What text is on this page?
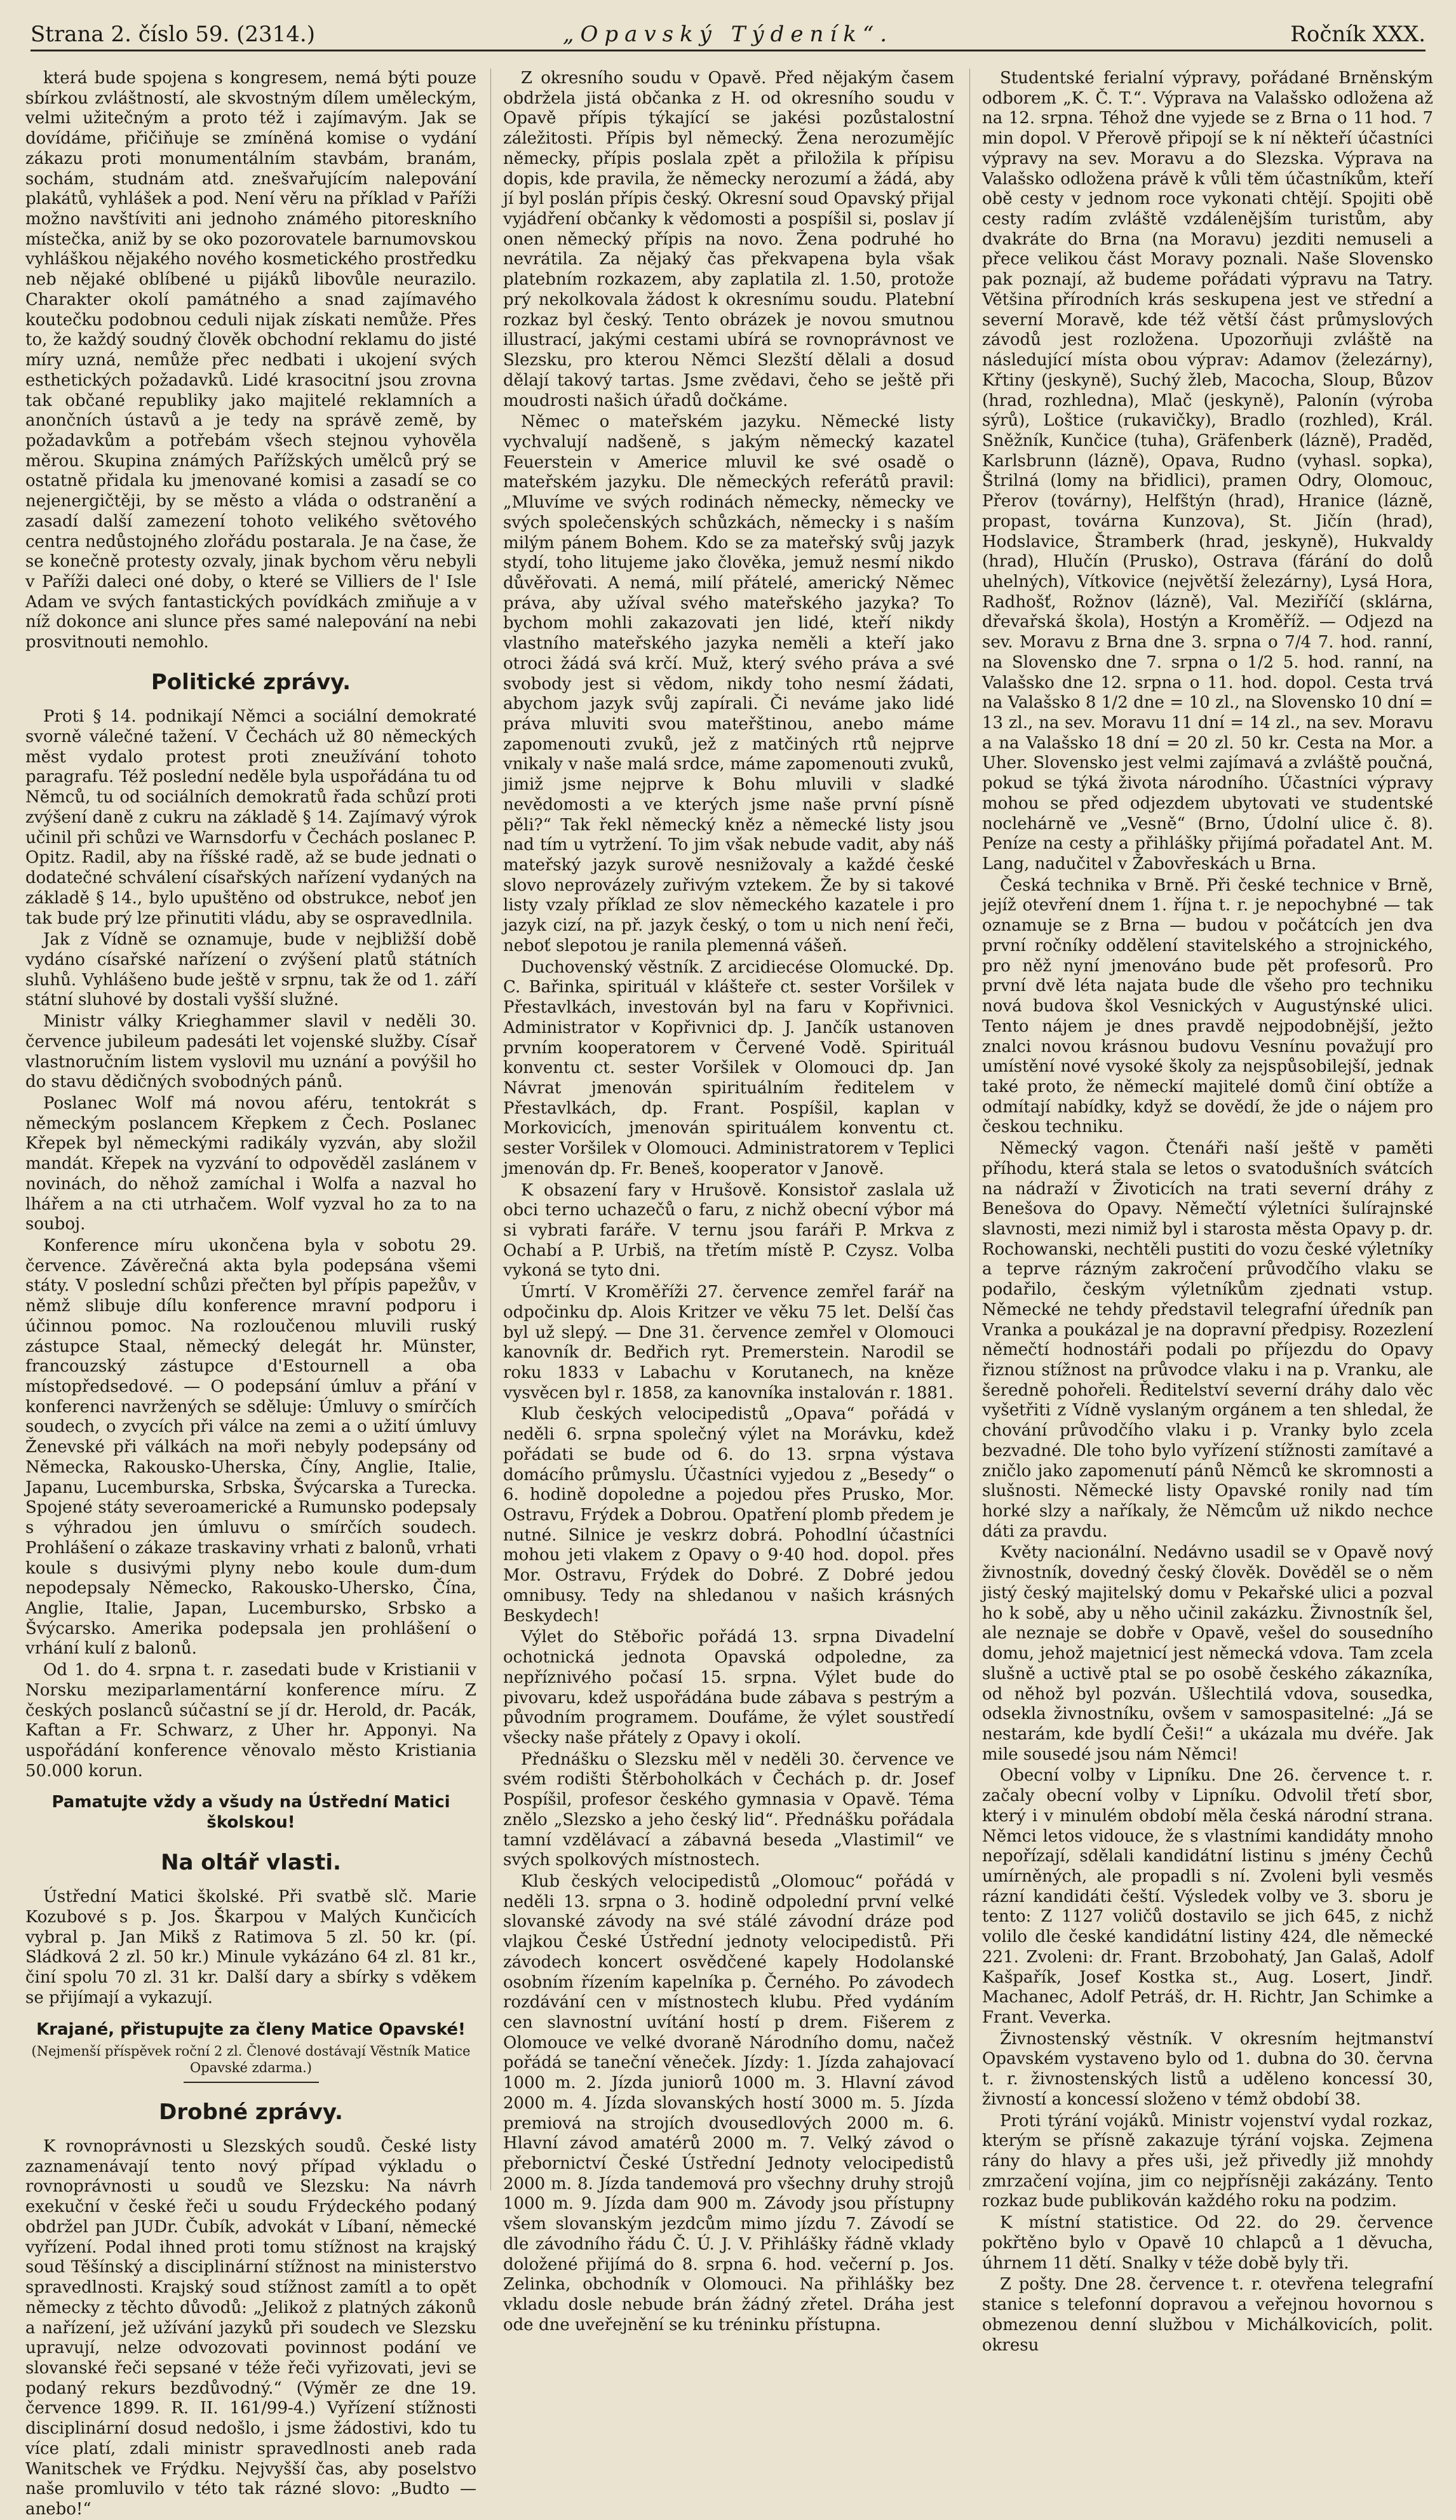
Strana 2. číslo 59. (2314.)	„Opavský Týdeník“.	Ročník XXX.

která bude spojena s kongresem, nemá býti pouze sbírkou zvláštností, ale skvostným dílem uměleckým, velmi užitečným a proto též i zajímavým. Jak se dovídáme, přičiňuje se zmíněná komise o vydání zákazu proti monumentálním stavbám, branám, sochám, studnám atd. znešvařujícím nalepování plakátů, vyhlášek a pod. Není věru na příklad v Paříži možno navštíviti ani jednoho známého pitoreskního místečka, aniž by se oko pozorovatele barnumovskou vyhláškou nějakého nového kosmetického prostředku neb nějaké oblíbené u pijáků libovůle neurazilo. Charakter okolí památného a snad zajímavého koutečku podobnou ceduli nijak získati nemůže. Přes to, že každý soudný člověk obchodní reklamu do jisté míry uzná, nemůže přec nedbati i ukojení svých esthetických požadavků. Lidé krasocitní jsou zrovna tak občané republiky jako majitelé reklamních a anončních ústavů a je tedy na správě země, by požadavkům a potřebám všech stejnou vyhověla měrou. Skupina známých Pařížských umělců prý se ostatně přidala ku jmenované komisi a zasadí se co nejenergičtěji, by se město a vláda o odstranění a zasadí další zamezení tohoto velikého světového centra nedůstojného zlořádu postarala. Je na čase, že se konečně protesty ozvaly, jinak bychom věru nebyli v Paříži daleci oné doby, o které se Villiers de l' Isle Adam ve svých fantastických povídkách zmiňuje a v níž dokonce ani slunce přes samé nalepování na nebi prosvitnouti nemohlo.

Politické zprávy.

Proti § 14. podnikají Němci a sociální demokraté svorně válečné tažení. V Čechách už 80 německých měst vydalo protest proti zneužívání tohoto paragrafu. Též poslední neděle byla uspořádána tu od Němců, tu od sociálních demokratů řada schůzí proti zvýšení daně z cukru na základě § 14. Zajímavý výrok učinil při schůzi ve Warnsdorfu v Čechách poslanec P. Opitz. Radil, aby na říšské radě, až se bude jednati o dodatečné schválení císařských nařízení vydaných na základě § 14., bylo upuštěno od obstrukce, neboť jen tak bude prý lze přinutiti vládu, aby se ospravedlnila.

Jak z Vídně se oznamuje, bude v nejbližší době vydáno císařské nařízení o zvýšení platů státních sluhů. Vyhlášeno bude ještě v srpnu, tak že od 1. září státní sluhové by dostali vyšší služné.

Ministr války Krieghammer slavil v neděli 30. července jubileum padesáti let vojenské služby. Císař vlastnoručním listem vyslovil mu uznání a povýšil ho do stavu dědičných svobodných pánů.

Poslanec Wolf má novou aféru, tentokrát s německým poslancem Křepkem z Čech. Poslanec Křepek byl německými radikály vyzván, aby složil mandát. Křepek na vyzvání to odpověděl zaslánem v novinách, do něhož zamíchal i Wolfa a nazval ho lhářem a na cti utrhačem. Wolf vyzval ho za to na souboj.

Konference míru ukončena byla v sobotu 29. července. Závěrečná akta byla podepsána všemi státy. V poslední schůzi přečten byl přípis papežův, v němž slibuje dílu konference mravní podporu i účinnou pomoc. Na rozloučenou mluvili ruský zástupce Staal, německý delegát hr. Münster, francouzský zástupce d'Estournell a oba místopředsedové. — O podepsání úmluv a přání v konferenci navržených se sděluje: Úmluvy o smírčích soudech, o zvycích při válce na zemi a o užití úmluvy Ženevské při válkách na moři nebyly podepsány od Německa, Rakousko-Uherska, Číny, Anglie, Italie, Japanu, Lucemburska, Srbska, Švýcarska a Turecka. Spojené státy severoamerické a Rumunsko podepsaly s výhradou jen úmluvu o smírčích soudech. Prohlášení o zákaze traskaviny vrhati z balonů, vrhati koule s dusivými plyny nebo koule dum-dum nepodepsaly Německo, Rakousko-Uhersko, Čína, Anglie, Italie, Japan, Lucembursko, Srbsko a Švýcarsko. Amerika podepsala jen prohlášení o vrhání kulí z balonů.

Od 1. do 4. srpna t. r. zasedati bude v Kristianii v Norsku meziparlamentární konference míru. Z českých poslanců súčastní se jí dr. Herold, dr. Pacák, Kaftan a Fr. Schwarz, z Uher hr. Apponyi. Na uspořádání konference věnovalo město Kristiania 50.000 korun.

Pamatujte vždy a všudy na Ústřední Matici školskou!
Na oltář vlasti.

Ústřední Matici školské. Při svatbě slč. Marie Kozubové s p. Jos. Škarpou v Malých Kunčicích vybral p. Jan Mikš z Ratimova 5 zl. 50 kr. (pí. Sládková 2 zl. 50 kr.) Minule vykázáno 64 zl. 81 kr., činí spolu 70 zl. 31 kr. Další dary a sbírky s vděkem se přijímají a vykazují.

Krajané, přistupujte za členy Matice Opavské!
(Nejmenší příspěvek roční 2 zl. Členové dostávají Věstník Matice Opavské zdarma.)
Drobné zprávy.

K rovnoprávnosti u Slezských soudů. České listy zaznamenávají tento nový případ výkladu o rovnoprávnosti u soudů ve Slezsku: Na návrh exekuční v české řeči u soudu Frýdeckého podaný obdržel pan JUDr. Čubík, advokát v Líbaní, německé vyřízení. Podal ihned proti tomu stížnost na krajský soud Těšínský a disciplinární stížnost na ministerstvo spravedlnosti. Krajský soud stížnost zamítl a to opět německy z těchto důvodů: „Jelikož z platných zákonů a nařízení, jež užívání jazyků při soudech ve Slezsku upravují, nelze odvozovati povinnost podání ve slovanské řeči sepsané v téže řeči vyřizovati, jevi se podaný rekurs bezdůvodný.“ (Výměr ze dne 19. července 1899. R. II. 161/99-4.) Vyřízení stížnosti disciplinární dosud nedošlo, i jsme žádostivi, kdo tu více platí, zdali ministr spravedlnosti aneb rada Wanitschek ve Frýdku. Nejvyšší čas, aby poselstvo naše promluvilo v této tak rázné slovo: „Budto — anebo!“

Z okresního soudu v Opavě. Před nějakým časem obdržela jistá občanka z H. od okresního soudu v Opavě přípis týkající se jakési pozůstalostní záležitosti. Přípis byl německý. Žena nerozumějíc německy, přípis poslala zpět a přiložila k přípisu dopis, kde pravila, že německy nerozumí a žádá, aby jí byl poslán přípis český. Okresní soud Opavský přijal vyjádření občanky k vědomosti a pospíšil si, poslav jí onen německý přípis na novo. Žena podruhé ho nevrátila. Za nějaký čas překvapena byla však platebním rozkazem, aby zaplatila zl. 1.50, protože prý nekolkovala žádost k okresnímu soudu. Platební rozkaz byl český. Tento obrázek je novou smutnou illustrací, jakými cestami ubírá se rovnoprávnost ve Slezsku, pro kterou Němci Slezští dělali a dosud dělají takový tartas. Jsme zvědavi, čeho se ještě při moudrosti našich úřadů dočkáme.

Němec o mateřském jazyku. Německé listy vychvalují nadšeně, s jakým německý kazatel Feuerstein v Americe mluvil ke své osadě o mateřském jazyku. Dle německých referátů pravil: „Mluvíme ve svých rodinách německy, německy ve svých společenských schůzkách, německy i s naším milým pánem Bohem. Kdo se za mateřský svůj jazyk stydí, toho litujeme jako člověka, jemuž nesmí nikdo důvěřovati. A nemá, milí přátelé, americký Němec práva, aby užíval svého mateřského jazyka? To bychom mohli zakazovati jen lidé, kteří nikdy vlastního mateřského jazyka neměli a kteří jako otroci žádá svá krčí. Muž, který svého práva a své svobody jest si vědom, nikdy toho nesmí žádati, abychom jazyk svůj zapírali. Či neváme jako lidé práva mluviti svou mateřštinou, anebo máme zapomenouti zvuků, jež z matčiných rtů nejprve vnikaly v naše malá srdce, máme zapomenouti zvuků, jimiž jsme nejprve k Bohu mluvili v sladké nevědomosti a ve kterých jsme naše první písně pěli?“ Tak řekl německý kněz a německé listy jsou nad tím u vytržení. To jim však nebude vadit, aby náš mateřský jazyk surově nesnižovaly a každé české slovo neprovázely zuřivým vztekem. Že by si takové listy vzaly příklad ze slov německého kazatele i pro jazyk cizí, na př. jazyk český, o tom u nich není řeči, neboť slepotou je ranila plemenná vášeň.

Duchovenský věstník. Z arcidiecése Olomucké. Dp. C. Bařinka, spirituál v klášteře ct. sester Voršilek v Přestavlkách, investován byl na faru v Kopřivnici. Administrator v Kopřivnici dp. J. Jančík ustanoven prvním kooperatorem v Červené Vodě. Spirituál konventu ct. sester Voršilek v Olomouci dp. Jan Návrat jmenován spirituálním ředitelem v Přestavlkách, dp. Frant. Pospíšil, kaplan v Morkovicích, jmenován spirituálem konventu ct. sester Voršilek v Olomouci. Administratorem v Teplici jmenován dp. Fr. Beneš, kooperator v Janově.

K obsazení fary v Hrušově. Konsistoř zaslala už obci terno uchazečů o faru, z nichž obecní výbor má si vybrati faráře. V ternu jsou faráři P. Mrkva z Ochabí a P. Urbiš, na třetím místě P. Czysz. Volba vykoná se tyto dni.

Úmrtí. V Kroměříži 27. července zemřel farář na odpočinku dp. Alois Kritzer ve věku 75 let. Delší čas byl už slepý. — Dne 31. července zemřel v Olomouci kanovník dr. Bedřich ryt. Premerstein. Narodil se roku 1833 v Labachu v Korutanech, na kněze vysvěcen byl r. 1858, za kanovníka instalován r. 1881.

Klub českých velocipedistů „Opava“ pořádá v neděli 6. srpna společný výlet na Morávku, kdež pořádati se bude od 6. do 13. srpna výstava domácího průmyslu. Účastníci vyjedou z „Besedy“ o 6. hodině dopoledne a pojedou přes Prusko, Mor. Ostravu, Frýdek a Dobrou. Opatření plomb předem je nutné. Silnice je veskrz dobrá. Pohodlní účastníci mohou jeti vlakem z Opavy o 9·40 hod. dopol. přes Mor. Ostravu, Frýdek do Dobré. Z Dobré jedou omnibusy. Tedy na shledanou v našich krásných Beskydech!

Výlet do Stěbořic pořádá 13. srpna Divadelní ochotnická jednota Opavská odpoledne, za nepříznivého počasí 15. srpna. Výlet bude do pivovaru, kdež uspořádána bude zábava s pestrým a původním programem. Doufáme, že výlet soustředí všecky naše přátely z Opavy i okolí.

Přednášku o Slezsku měl v neděli 30. července ve svém rodišti Štěrboholkách v Čechách p. dr. Josef Pospíšil, profesor českého gymnasia v Opavě. Téma znělo „Slezsko a jeho český lid“. Přednášku pořádala tamní vzdělávací a zábavná beseda „Vlastimil“ ve svých spolkových místnostech.

Klub českých velocipedistů „Olomouc“ pořádá v neděli 13. srpna o 3. hodině odpolední první velké slovanské závody na své stálé závodní dráze pod vlajkou České Ústřední jednoty velocipedistů. Při závodech koncert osvědčené kapely Hodolanské osobním řízením kapelníka p. Černého. Po závodech rozdávání cen v místnostech klubu. Před vydáním cen slavnostní uvítání hostí p drem. Fišerem z Olomouce ve velké dvoraně Národního domu, načež pořádá se taneční věneček. Jízdy: 1. Jízda zahajovací 1000 m. 2. Jízda juniorů 1000 m. 3. Hlavní závod 2000 m. 4. Jízda slovanských hostí 3000 m. 5. Jízda premiová na strojích dvousedlových 2000 m. 6. Hlavní závod amatérů 2000 m. 7. Velký závod o přebornictví České Ústřední Jednoty velocipedistů 2000 m. 8. Jízda tandemová pro všechny druhy strojů 1000 m. 9. Jízda dam 900 m. Závody jsou přístupny všem slovanským jezdcům mimo jízdu 7. Závodí se dle závodního řádu Č. Ú. J. V. Přihlášky řádně vklady doložené přijímá do 8. srpna 6. hod. večerní p. Jos. Zelinka, obchodník v Olomouci. Na přihlášky bez vkladu dosle nebude brán žádný zřetel. Dráha jest ode dne uveřejnění se ku tréninku přístupna.

Studentské ferialní výpravy, pořádané Brněnským odborem „K. Č. T.“. Výprava na Valašsko odložena až na 12. srpna. Téhož dne vyjede se z Brna o 11 hod. 7 min dopol. V Přerově připojí se k ní někteří účastníci výpravy na sev. Moravu a do Slezska. Výprava na Valašsko odložena právě k vůli těm účastníkům, kteří obě cesty v jednom roce vykonati chtějí. Spojiti obě cesty radím zvláště vzdálenějším turistům, aby dvakráte do Brna (na Moravu) jezditi nemuseli a přece velikou část Moravy poznali. Naše Slovensko pak poznají, až budeme pořádati výpravu na Tatry. Většina přírodních krás seskupena jest ve střední a severní Moravě, kde též větší část průmyslových závodů jest rozložena. Upozorňuji zvláště na následující místa obou výprav: Adamov (železárny), Křtiny (jeskyně), Suchý žleb, Macocha, Sloup, Bůzov (hrad, rozhledna), Mlač (jeskyně), Palonín (výroba sýrů), Loštice (rukavičky), Bradlo (rozhled), Král. Sněžník, Kunčice (tuha), Gräfenberk (lázně), Praděd, Karlsbrunn (lázně), Opava, Rudno (vyhasl. sopka), Štrilná (lomy na břidlici), pramen Odry, Olomouc, Přerov (továrny), Helfštýn (hrad), Hranice (lázně, propast, továrna Kunzova), St. Jičín (hrad), Hodslavice, Štramberk (hrad, jeskyně), Hukvaldy (hrad), Hlučín (Prusko), Ostrava (fárání do dolů uhelných), Vítkovice (největší železárny), Lysá Hora, Radhošť, Rožnov (lázně), Val. Meziříčí (sklárna, dřevařská škola), Hostýn a Kroměříž. — Odjezd na sev. Moravu z Brna dne 3. srpna o 7/4 7. hod. ranní, na Slovensko dne 7. srpna o 1/2 5. hod. ranní, na Valašsko dne 12. srpna o 11. hod. dopol. Cesta trvá na Valašsko 8 1/2 dne = 10 zl., na Slovensko 10 dní = 13 zl., na sev. Moravu 11 dní = 14 zl., na sev. Moravu a na Valašsko 18 dní = 20 zl. 50 kr. Cesta na Mor. a Uher. Slovensko jest velmi zajímavá a zvláště poučná, pokud se týká života národního. Účastníci výpravy mohou se před odjezdem ubytovati ve studentské noclehárně ve „Vesně“ (Brno, Údolní ulice č. 8). Peníze na cesty a přihlášky přijímá pořadatel Ant. M. Lang, nadučitel v Žabovřeskách u Brna.

Česká technika v Brně. Při české technice v Brně, jejíž otevření dnem 1. října t. r. je nepochybné — tak oznamuje se z Brna — budou v počátcích jen dva první ročníky oddělení stavitelského a strojnického, pro něž nyní jmenováno bude pět profesorů. Pro první dvě léta najata bude dle všeho pro techniku nová budova škol Vesnických v Augustýnské ulici. Tento nájem je dnes pravdě nejpodobnější, ježto znalci novou krásnou budovu Vesnínu považují pro umístění nové vysoké školy za nejspůsobilejší, jednak také proto, že německí majitelé domů činí obtíže a odmítají nabídky, když se dovědí, že jde o nájem pro českou techniku.

Německý vagon. Čtenáři naší ještě v paměti příhodu, která stala se letos o svatodušních svátcích na nádraží v Životicích na trati severní dráhy z Benešova do Opavy. Němečtí výletníci šulírajnské slavnosti, mezi nimiž byl i starosta města Opavy p. dr. Rochowanski, nechtěli pustiti do vozu české výletníky a teprve rázným zakročení průvodčího vlaku se podařilo, českým výletníkům zjednati vstup. Německé ne tehdy představil telegrafní úředník pan Vranka a poukázal je na dopravní předpisy. Rozezlení němečtí hodnostáři podali po příjezdu do Opavy řiznou stížnost na průvodce vlaku i na p. Vranku, ale šeredně pohořeli. Ředitelství severní dráhy dalo věc vyšetřiti z Vídně vyslaným orgánem a ten shledal, že chování průvodčího vlaku i p. Vranky bylo zcela bezvadné. Dle toho bylo vyřízení stížnosti zamítavé a zničlo jako zapomenutí pánů Němců ke skromnosti a slušnosti. Německé listy Opavské ronily nad tím horké slzy a naříkaly, že Němcům už nikdo nechce dáti za pravdu.

Květy nacionální. Nedávno usadil se v Opavě nový živnostník, dovedný český člověk. Dověděl se o něm jistý český majitelský domu v Pekařské ulici a pozval ho k sobě, aby u něho učinil zakázku. Živnostník šel, ale neznaje se dobře v Opavě, vešel do sousedního domu, jehož majetnicí jest německá vdova. Tam zcela slušně a uctivě ptal se po osobě českého zákazníka, od něhož byl pozván. Ušlechtilá vdova, sousedka, odsekla živnostníku, ovšem v samospasitelné: „Já se nestarám, kde bydlí Češi!“ a ukázala mu dvéře. Jak mile sousedé jsou nám Němci!

Obecní volby v Lipníku. Dne 26. července t. r. začaly obecní volby v Lipníku. Odvolil třetí sbor, který i v minulém období měla česká národní strana. Němci letos vidouce, že s vlastními kandidáty mnoho nepořízají, sdělali kandidátní listinu s jmény Čechů umírněných, ale propadli s ní. Zvoleni byli vesměs rázní kandidáti čeští. Výsledek volby ve 3. sboru je tento: Z 1127 voličů dostavilo se jich 645, z nichž volilo dle české kandidátní listiny 424, dle německé 221. Zvoleni: dr. Frant. Brzobohatý, Jan Galaš, Adolf Kašpařík, Josef Kostka st., Aug. Losert, Jindř. Machanec, Adolf Petráš, dr. H. Richtr, Jan Schimke a Frant. Veverka.

Živnostenský věstník. V okresním hejtmanství Opavském vystaveno bylo od 1. dubna do 30. června t. r. živnostenských listů a udělenо koncessí 30, živností a koncessí složeno v témž období 38.

Proti týrání vojáků. Ministr vojenství vydal rozkaz, kterým se přísně zakazuje týrání vojska. Zejmena rány do hlavy a přes uši, jež přivedly již mnohdy zmrzačení vojína, jim co nejpřísněji zakázány. Tento rozkaz bude publikován každého roku na podzim.

K místní statistice. Od 22. do 29. července pokřtěno bylo v Opavě 10 chlapců a 1 děvucha, úhrnem 11 dětí. Snalky v téže době byly tři.

Z pošty. Dne 28. července t. r. otevřena telegrafní stanice s telefonní dopravou a veřejnou hovornou s obmezenou denní službou v Michálkovicích, polit. okresu
